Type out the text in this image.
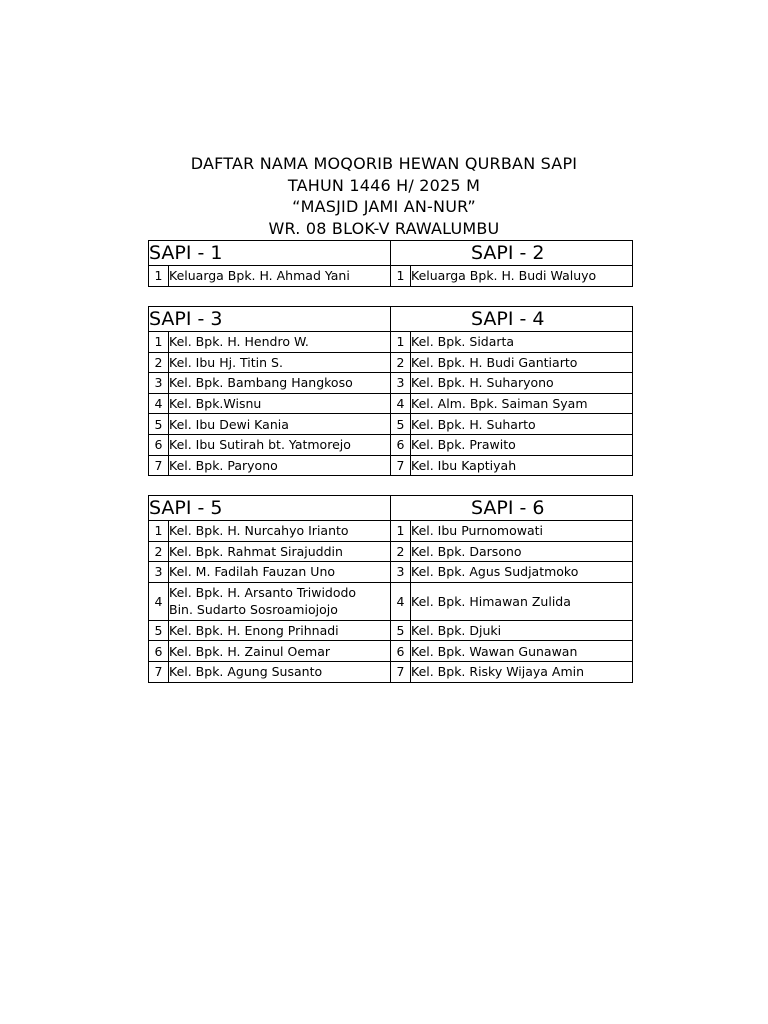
DAFTAR NAMA MOQORIB HEWAN QURBAN SAPI
TAHUN 1446 H/ 2025 M
“MASJID JAMI AN-NUR”
WR. 08 BLOK-V RAWALUMBU
SAPI - 1		SAPI - 2	
1	Keluarga Bpk. H. Ahmad Yani	1	Keluarga Bpk. H. Budi Waluyo
SAPI - 3		SAPI - 4	
1	Kel. Bpk. H. Hendro W.	1	Kel. Bpk. Sidarta
2	Kel. Ibu Hj. Titin S.	2	Kel. Bpk. H. Budi Gantiarto
3	Kel. Bpk. Bambang Hangkoso	3	Kel. Bpk. H. Suharyono
4	Kel. Bpk.Wisnu	4	Kel. Alm. Bpk. Saiman Syam
5	Kel. Ibu Dewi Kania	5	Kel. Bpk. H. Suharto
6	Kel. Ibu Sutirah bt. Yatmorejo	6	Kel. Bpk. Prawito
7	Kel. Bpk. Paryono	7	Kel. Ibu Kaptiyah
SAPI - 5		SAPI - 6	
1	Kel. Bpk. H. Nurcahyo Irianto	1	Kel. Ibu Purnomowati
2	Kel. Bpk. Rahmat Sirajuddin	2	Kel. Bpk. Darsono
3	Kel. M. Fadilah Fauzan Uno	3	Kel. Bpk. Agus Sudjatmoko
4	Kel. Bpk. H. Arsanto Triwidodo
Bin. Sudarto Sosroamiojojo	4	Kel. Bpk. Himawan Zulida
5	Kel. Bpk. H. Enong Prihnadi	5	Kel. Bpk. Djuki
6	Kel. Bpk. H. Zainul Oemar	6	Kel. Bpk. Wawan Gunawan
7	Kel. Bpk. Agung Susanto	7	Kel. Bpk. Risky Wijaya Amin
